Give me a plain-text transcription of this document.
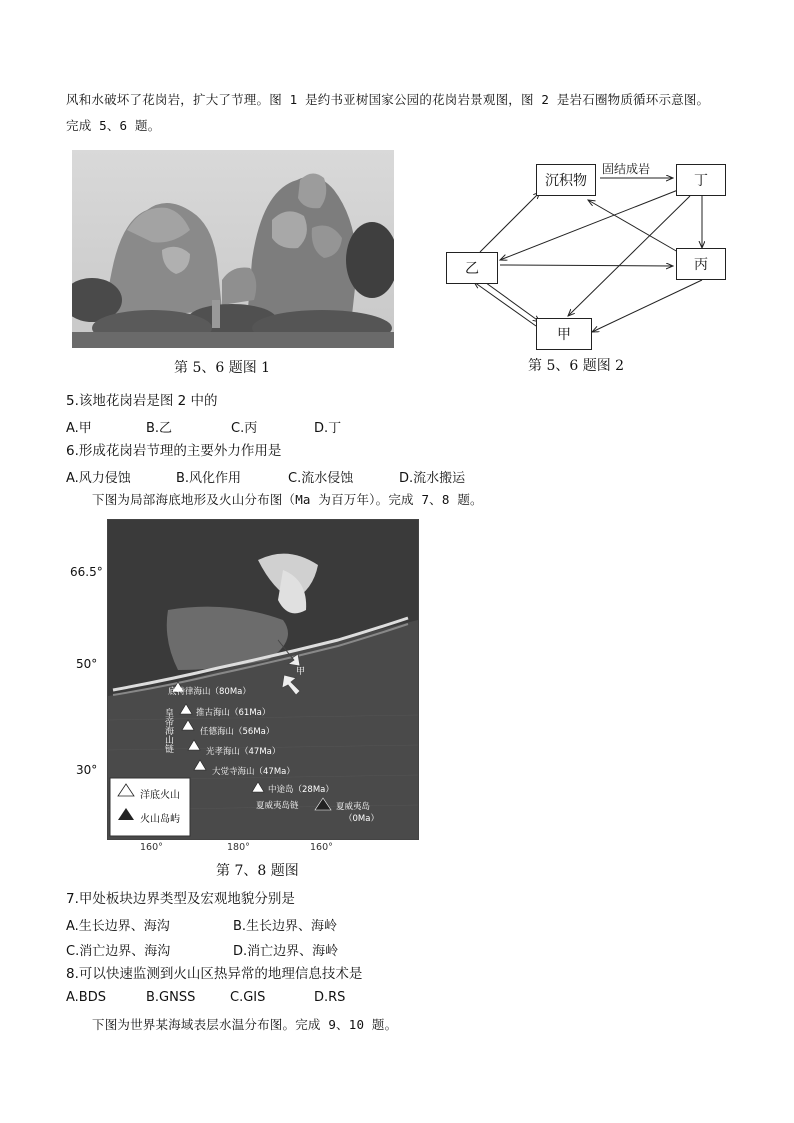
风和水破坏了花岗岩，扩大了节理。图 1 是约书亚树国家公园的花岗岩景观图，图 2 是岩石圈物质循环示意图。
完成 5、6 题。
第 5、6 题图 1
沉积物	丁
乙	丙
甲
固结成岩
第 5、6 题图 2
5.该地花岗岩是图 2 中的
A.甲	B.乙	C.丙	D.丁
6.形成花岗岩节理的主要外力作用是
A.风力侵蚀	B.风化作用	C.流水侵蚀	D.流水搬运
下图为局部海底地形及火山分布图（Ma 为百万年）。完成 7、8 题。
66.5°
50°
30°
甲
底特律海山（80Ma）
推古海山（61Ma）
任德海山（56Ma）
光孝海山（47Ma）
大觉寺海山（47Ma）
中途岛（28Ma）
夏威夷岛
（0Ma）
夏威夷岛链
皇帝海山链
洋底火山
火山岛屿
160°	180°	160°
第 7、8 题图
7.甲处板块边界类型及宏观地貌分别是
A.生长边界、海沟	B.生长边界、海岭
C.消亡边界、海沟	D.消亡边界、海岭
8.可以快速监测到火山区热异常的地理信息技术是
A.BDS	B.GNSS	C.GIS	D.RS
下图为世界某海域表层水温分布图。完成 9、10 题。
